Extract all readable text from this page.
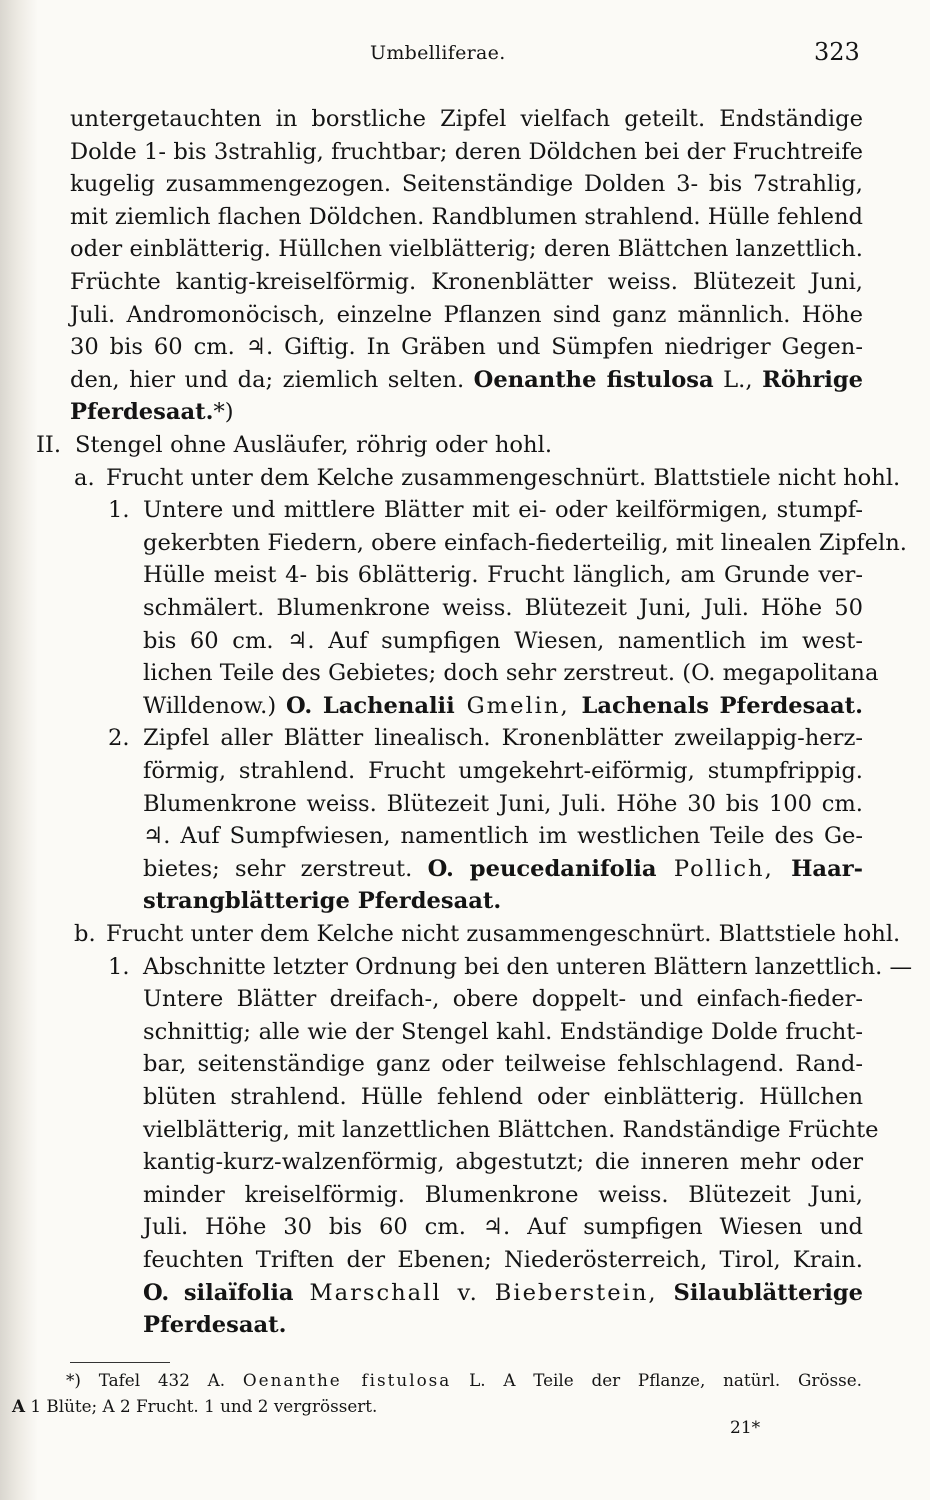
Umbelliferae.	323
untergetauchten in borstliche Zipfel vielfach geteilt. Endständige
Dolde 1- bis 3strahlig, fruchtbar; deren Döldchen bei der Fruchtreife
kugelig zusammengezogen. Seitenständige Dolden 3- bis 7strahlig,
mit ziemlich flachen Döldchen. Randblumen strahlend. Hülle fehlend
oder einblätterig. Hüllchen vielblätterig; deren Blättchen lanzettlich.
Früchte kantig-kreiselförmig. Kronenblätter weiss. Blütezeit Juni,
Juli. Andromonöcisch, einzelne Pflanzen sind ganz männlich. Höhe
30 bis 60 cm. ♃. Giftig. In Gräben und Sümpfen niedriger Gegen-
den, hier und da; ziemlich selten. Oenanthe fistulosa L., Röhrige
Pferdesaat.*)
II. Stengel ohne Ausläufer, röhrig oder hohl.
a. Frucht unter dem Kelche zusammengeschnürt. Blattstiele nicht hohl.
1. Untere und mittlere Blätter mit ei- oder keilförmigen, stumpf-
gekerbten Fiedern, obere einfach-fiederteilig, mit linealen Zipfeln.
Hülle meist 4- bis 6blätterig. Frucht länglich, am Grunde ver-
schmälert. Blumenkrone weiss. Blütezeit Juni, Juli. Höhe 50
bis 60 cm. ♃. Auf sumpfigen Wiesen, namentlich im west-
lichen Teile des Gebietes; doch sehr zerstreut. (O. megapolitana
Willdenow.) O. Lachenalii Gmelin, Lachenals Pferdesaat.
2. Zipfel aller Blätter linealisch. Kronenblätter zweilappig-herz-
förmig, strahlend. Frucht umgekehrt-eiförmig, stumpfrippig.
Blumenkrone weiss. Blütezeit Juni, Juli. Höhe 30 bis 100 cm.
♃. Auf Sumpfwiesen, namentlich im westlichen Teile des Ge-
bietes; sehr zerstreut. O. peucedanifolia Pollich, Haar-
strangblätterige Pferdesaat.
b. Frucht unter dem Kelche nicht zusammengeschnürt. Blattstiele hohl.
1. Abschnitte letzter Ordnung bei den unteren Blättern lanzettlich. —
Untere Blätter dreifach-, obere doppelt- und einfach-fieder-
schnittig; alle wie der Stengel kahl. Endständige Dolde frucht-
bar, seitenständige ganz oder teilweise fehlschlagend. Rand-
blüten strahlend. Hülle fehlend oder einblätterig. Hüllchen
vielblätterig, mit lanzettlichen Blättchen. Randständige Früchte
kantig-kurz-walzenförmig, abgestutzt; die inneren mehr oder
minder kreiselförmig. Blumenkrone weiss. Blütezeit Juni,
Juli. Höhe 30 bis 60 cm. ♃. Auf sumpfigen Wiesen und
feuchten Triften der Ebenen; Niederösterreich, Tirol, Krain.
O. silaïfolia Marschall v. Bieberstein, Silaublätterige
Pferdesaat.
*) Tafel 432 A. Oenanthe fistulosa L. A Teile der Pflanze, natürl. Grösse.
A 1 Blüte; A 2 Frucht. 1 und 2 vergrössert.
21*
